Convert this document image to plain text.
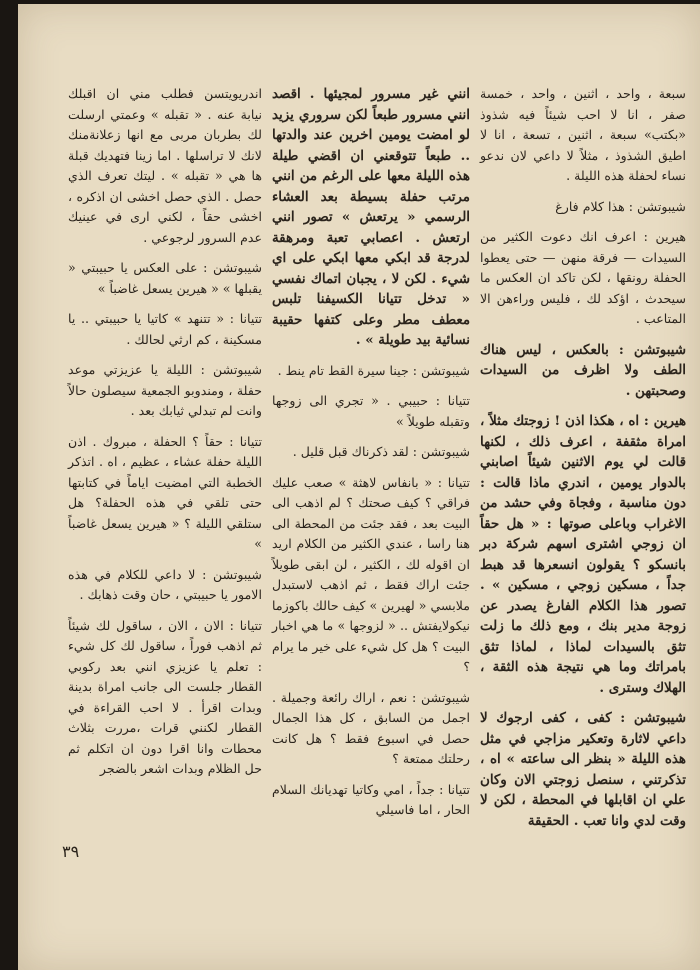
سبعة ، واحد ، اثنين ، واحد ، خمسة صفر ، انا لا احب شيئاً فيه شذوذ «بكتب» سبعة ، اثنين ، تسعة ، انا لا اطيق الشذوذ ، مثلاً لا داعي لان ندعو نساء لحفلة هذه الليلة .

شيبوتشن : هذا كلام فارغ

هيرين : اعرف انك دعوت الكثير من السيدات — فرقة منهن — حتى يعطوا الحفلة رونقها ، لكن تاكد ان العكس ما سيحدث ، اؤكد لك ، فليس وراءهن الا المتاعب .

شيبوتشن : بالعكس ، ليس هناك الطف ولا اظرف من السيدات وصحبتهن .

هيرين : اه ، هكذا اذن ! زوجتك مثلاً ، امراة مثقفة ، اعرف ذلك ، لكنها قالت لي يوم الاثنين شيئاً اصابني بالدوار يومين ، اندري ماذا قالت : دون مناسبة ، وفجاة وفي حشد من الاغراب وباعلى صوتها : « هل حقاً ان زوجي اشترى اسهم شركة دبر بانسكو ؟ يقولون انسعرها قد هبط جداً ، مسكين زوجي ، مسكين » . تصور هذا الكلام الفارغ يصدر عن زوجة مدير بنك ، ومع ذلك ما زلت تثق بالسيدات لماذا ، لماذا تثق بامراتك وما هي نتيجة هذه الثقة ، الهلاك وسترى .

شيبوتشن : كفى ، كفى ارجوك لا داعي لاثارة وتعكير مزاجي في مثل هذه الليلة « بنظر الى ساعته » اه ، تذكرتني ، سنصل زوجتي الان وكان علي ان اقابلها في المحطة ، لكن لا وقت لدي وانا تعب . الحقيقة

انني غير مسرور لمجيئها . اقصد انني مسرور طبعاً لكن سروري يزيد لو امضت يومين اخرين عند والدتها .. طبعاً تتوقعني ان اقضي طيلة هذه الليلة معها على الرغم من انني مرتب حفلة بسيطة بعد العشاء الرسمي « يرتعش » تصور انني ارتعش . اعصابي تعبة ومرهقة لدرجة قد ابكي معها ابكي على اي شيء . لكن لا ، يجبان اتماك نفسي « تدخل تتيانا الكسيفنا تلبس معطف مطر وعلى كتفها حقيبة نسائية بيد طويلة » .

شيبوتشن : جينا سيرة القط تام ينط .

تتيانا : حبيبي . « تجري الى زوجها وتقبله طويلاً »

شيبوتشن : لقد ذكرناك قبل قليل .

تتيانا : « بانفاس لاهثة » صعب عليك فراقي ؟ كيف صحتك ؟ لم اذهب الى البيت بعد ، فقد جئت من المحطة الى هنا راسا ، عندي الكثير من الكلام اريد ان اقوله لك ، الكثير ، لن ابقى طويلاً جئت اراك فقط ، ثم اذهب لاستبدل ملابسي « لهيرين » كيف حالك باكوزما نيكولايفتش .. « لزوجها » ما هي اخبار البيت ؟ هل كل شيء على خير ما يرام ؟

شيبوتشن : نعم ، اراك رائعة وجميلة . اجمل من السابق ، كل هذا الجمال حصل في اسبوع فقط ؟ هل كانت رحلتك ممتعة ؟

تتيانا : جداً ، امي وكاتيا تهديانك السلام الحار ، اما فاسيلي

اندريويتسن فطلب مني ان اقبلك نيابة عنه . « تقبله » وعمتي ارسلت لك بطربان مربى مع انها زعلانةمنك لانك لا تراسلها . اما زينا فتهديك قبلة ها هي « تقبله » . ليتك تعرف الذي حصل . الذي حصل اخشى ان اذكره ، اخشى حقاً ، لكني ارى في عينيك عدم السرور لرجوعي .

شيبوتشن : على العكس يا حبيبتي « يقبلها » « هيرين يسعل غاضباً »

تتيانا : « تتنهد » كاتيا يا حبيبتي .. يا مسكينة ، كم ارثي لحالك .

شيبوتشن : الليلة يا عزيزتي موعد حفلة ، ومندوبو الجمعية سيصلون حالاً وانت لم تبدلي ثيابك بعد .

تتيانا : حقاً ؟ الحفلة ، مبروك . اذن الليلة حفلة عشاء ، عظيم ، اه . اتذكر الخطبة التي امضيت اياماً في كتابتها حتى تلقي في هذه الحفلة؟ هل ستلقي الليلة ؟ « هيرين يسعل غاضباً »

شيبوتشن : لا داعي للكلام في هذه الامور يا حبيبتي ، حان وقت ذهابك .

تتيانا : الان ، الان ، ساقول لك شيئاً ثم اذهب فوراً ، ساقول لك كل شيء : تعلم يا عزيزي انني بعد ركوبي القطار جلست الى جانب امراة بدينة وبدات اقرأ . لا احب القراءة في القطار لكنني قرات ،مررت بثلاث محطات وانا اقرا دون ان اتكلم ثم حل الظلام وبدات اشعر بالضجر

٣٩
